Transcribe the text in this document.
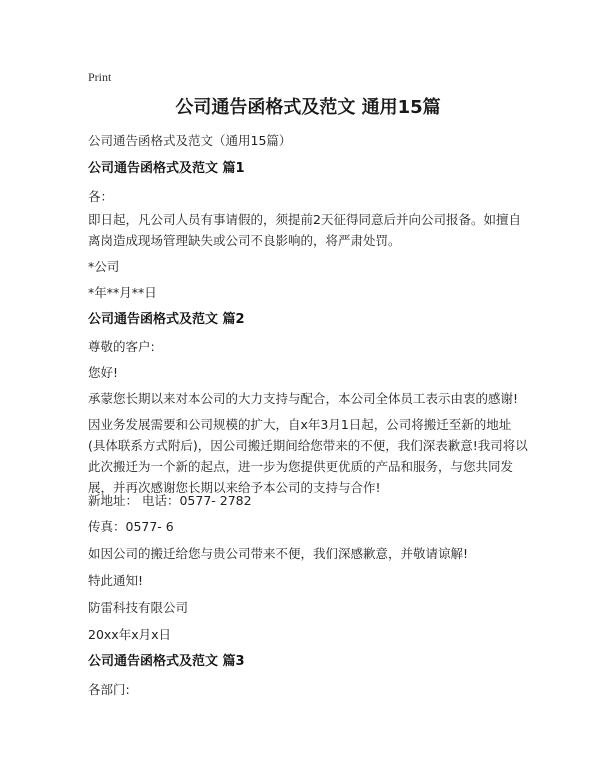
Print
公司通告函格式及范文 通用15篇
公司通告函格式及范文（通用15篇）
公司通告函格式及范文 篇1
各：
即日起，凡公司人员有事请假的，须提前2天征得同意后并向公司报备。如擅自离岗造成现场管理缺失或公司不良影响的，将严肃处罚。
*公司
*年**月**日
公司通告函格式及范文 篇2
尊敬的客户:
您好!
承蒙您长期以来对本公司的大力支持与配合，本公司全体员工表示由衷的感谢!
因业务发展需要和公司规模的扩大，自x年3月1日起，公司将搬迁至新的地址(具体联系方式附后)，因公司搬迁期间给您带来的不便，我们深表歉意!我司将以此次搬迁为一个新的起点，进一步为您提供更优质的产品和服务，与您共同发展，并再次感谢您长期以来给予本公司的支持与合作!
新地址： 电话：0577- 2782
传真：0577- 6
如因公司的搬迁给您与贵公司带来不便，我们深感歉意，并敬请谅解!
特此通知!
防雷科技有限公司
20xx年x月x日
公司通告函格式及范文 篇3
各部门:
